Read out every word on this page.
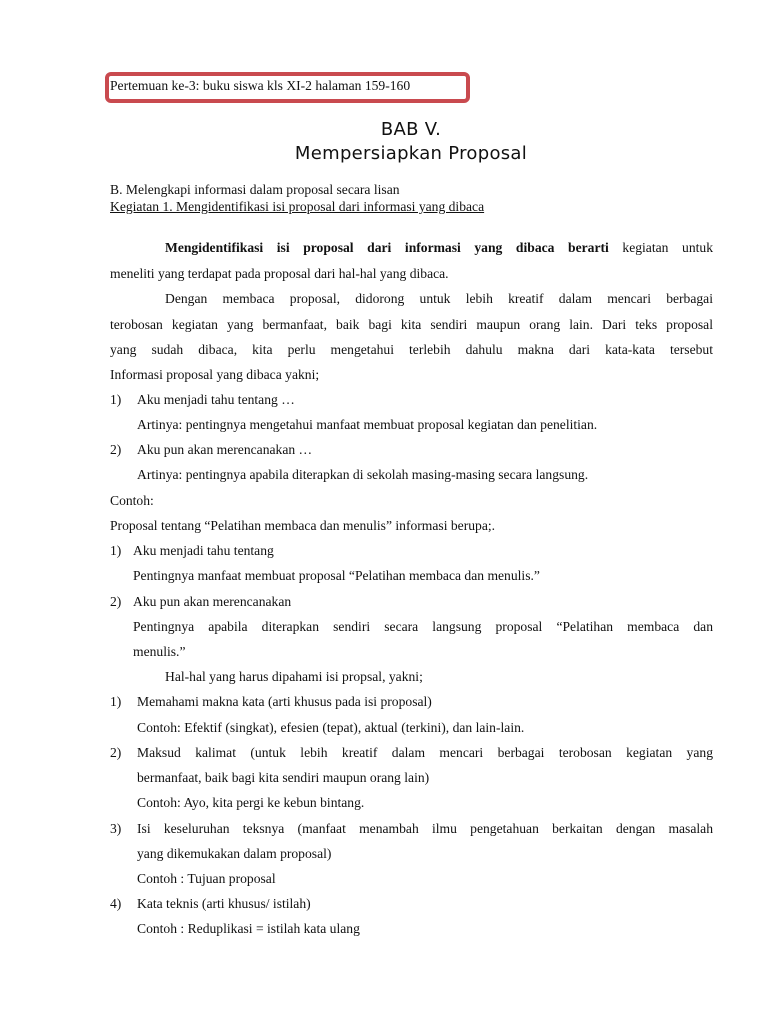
Pertemuan ke-3: buku siswa kls XI-2 halaman 159-160
BAB V.
Mempersiapkan Proposal
B. Melengkapi informasi dalam proposal secara lisan
Kegiatan 1. Mengidentifikasi isi proposal dari informasi yang dibaca
Mengidentifikasi isi proposal dari informasi yang dibaca berarti kegiatan untuk
meneliti yang terdapat pada proposal dari hal-hal yang dibaca.
Dengan membaca proposal, didorong untuk lebih kreatif dalam mencari berbagai
terobosan kegiatan yang bermanfaat, baik bagi kita sendiri maupun orang lain. Dari teks proposal
yang sudah dibaca, kita perlu mengetahui terlebih dahulu makna dari kata-kata tersebut
Informasi proposal yang dibaca yakni;
1) Aku menjadi tahu tentang …
Artinya: pentingnya mengetahui manfaat membuat proposal kegiatan dan penelitian.
2) Aku pun akan merencanakan …
Artinya: pentingnya apabila diterapkan di sekolah masing-masing secara langsung.
Contoh:
Proposal tentang “Pelatihan membaca dan menulis” informasi berupa;.
1) Aku menjadi tahu tentang
Pentingnya manfaat membuat proposal “Pelatihan membaca dan menulis.”
2) Aku pun akan merencanakan
Pentingnya apabila diterapkan sendiri secara langsung proposal “Pelatihan membaca dan
menulis.”
Hal-hal yang harus dipahami isi propsal, yakni;
1) Memahami makna kata (arti khusus pada isi proposal)
Contoh: Efektif (singkat), efesien (tepat), aktual (terkini), dan lain-lain.
2) Maksud kalimat (untuk lebih kreatif dalam mencari berbagai terobosan kegiatan yang
bermanfaat, baik bagi kita sendiri maupun orang lain)
Contoh: Ayo, kita pergi ke kebun bintang.
3) Isi keseluruhan teksnya (manfaat menambah ilmu pengetahuan berkaitan dengan masalah
yang dikemukakan dalam proposal)
Contoh : Tujuan proposal
4) Kata teknis (arti khusus/ istilah)
Contoh : Reduplikasi = istilah kata ulang
